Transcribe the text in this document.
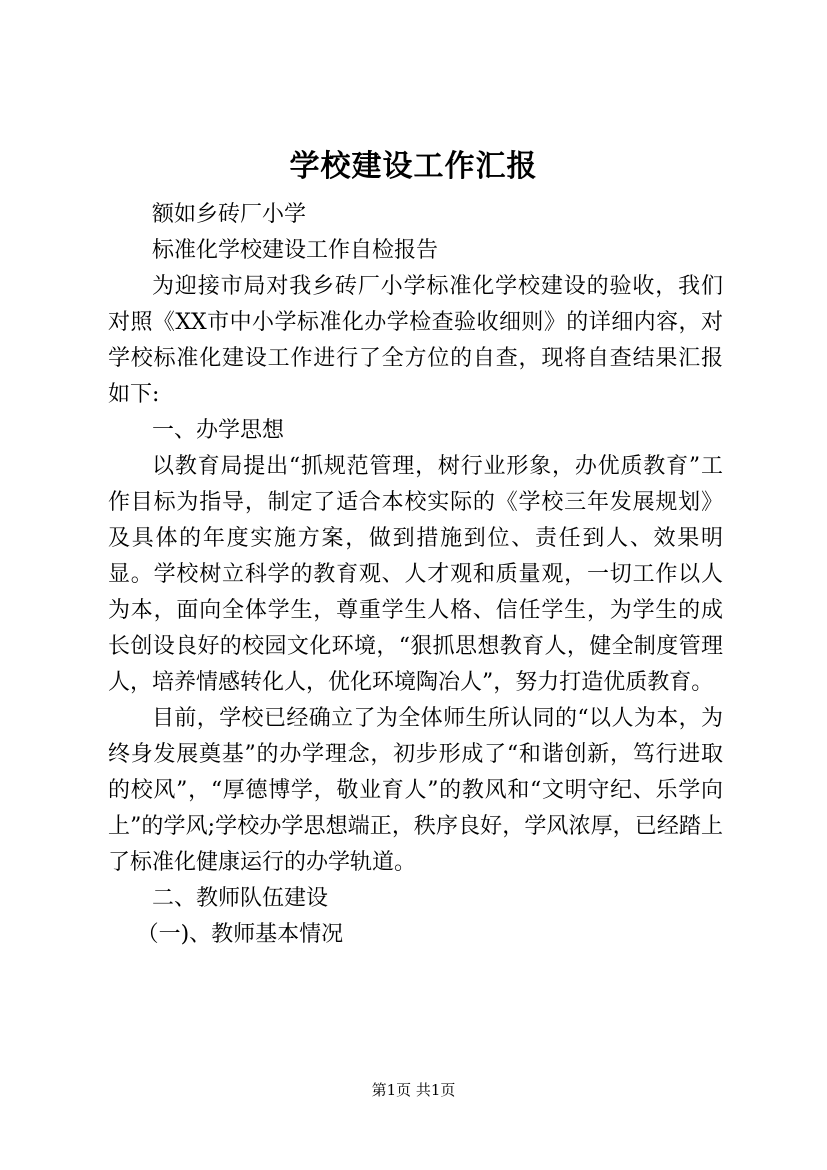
学校建设工作汇报

额如乡砖厂小学

标准化学校建设工作自检报告

为迎接市局对我乡砖厂小学标准化学校建设的验收，我们对照《XX市中小学标准化办学检查验收细则》的详细内容，对学校标准化建设工作进行了全方位的自查，现将自查结果汇报如下:

一、办学思想

以教育局提出“抓规范管理，树行业形象，办优质教育”工作目标为指导，制定了适合本校实际的《学校三年发展规划》及具体的年度实施方案，做到措施到位、责任到人、效果明显。学校树立科学的教育观、人才观和质量观，一切工作以人为本，面向全体学生，尊重学生人格、信任学生，为学生的成长创设良好的校园文化环境，“狠抓思想教育人，健全制度管理人，培养情感转化人，优化环境陶冶人”，努力打造优质教育。

目前，学校已经确立了为全体师生所认同的“以人为本，为终身发展奠基”的办学理念，初步形成了“和谐创新，笃行进取的校风”，“厚德博学，敬业育人”的教风和“文明守纪、乐学向上”的学风;学校办学思想端正，秩序良好，学风浓厚，已经踏上了标准化健康运行的办学轨道。

二、教师队伍建设

（一)、教师基本情况

第1页 共1页
